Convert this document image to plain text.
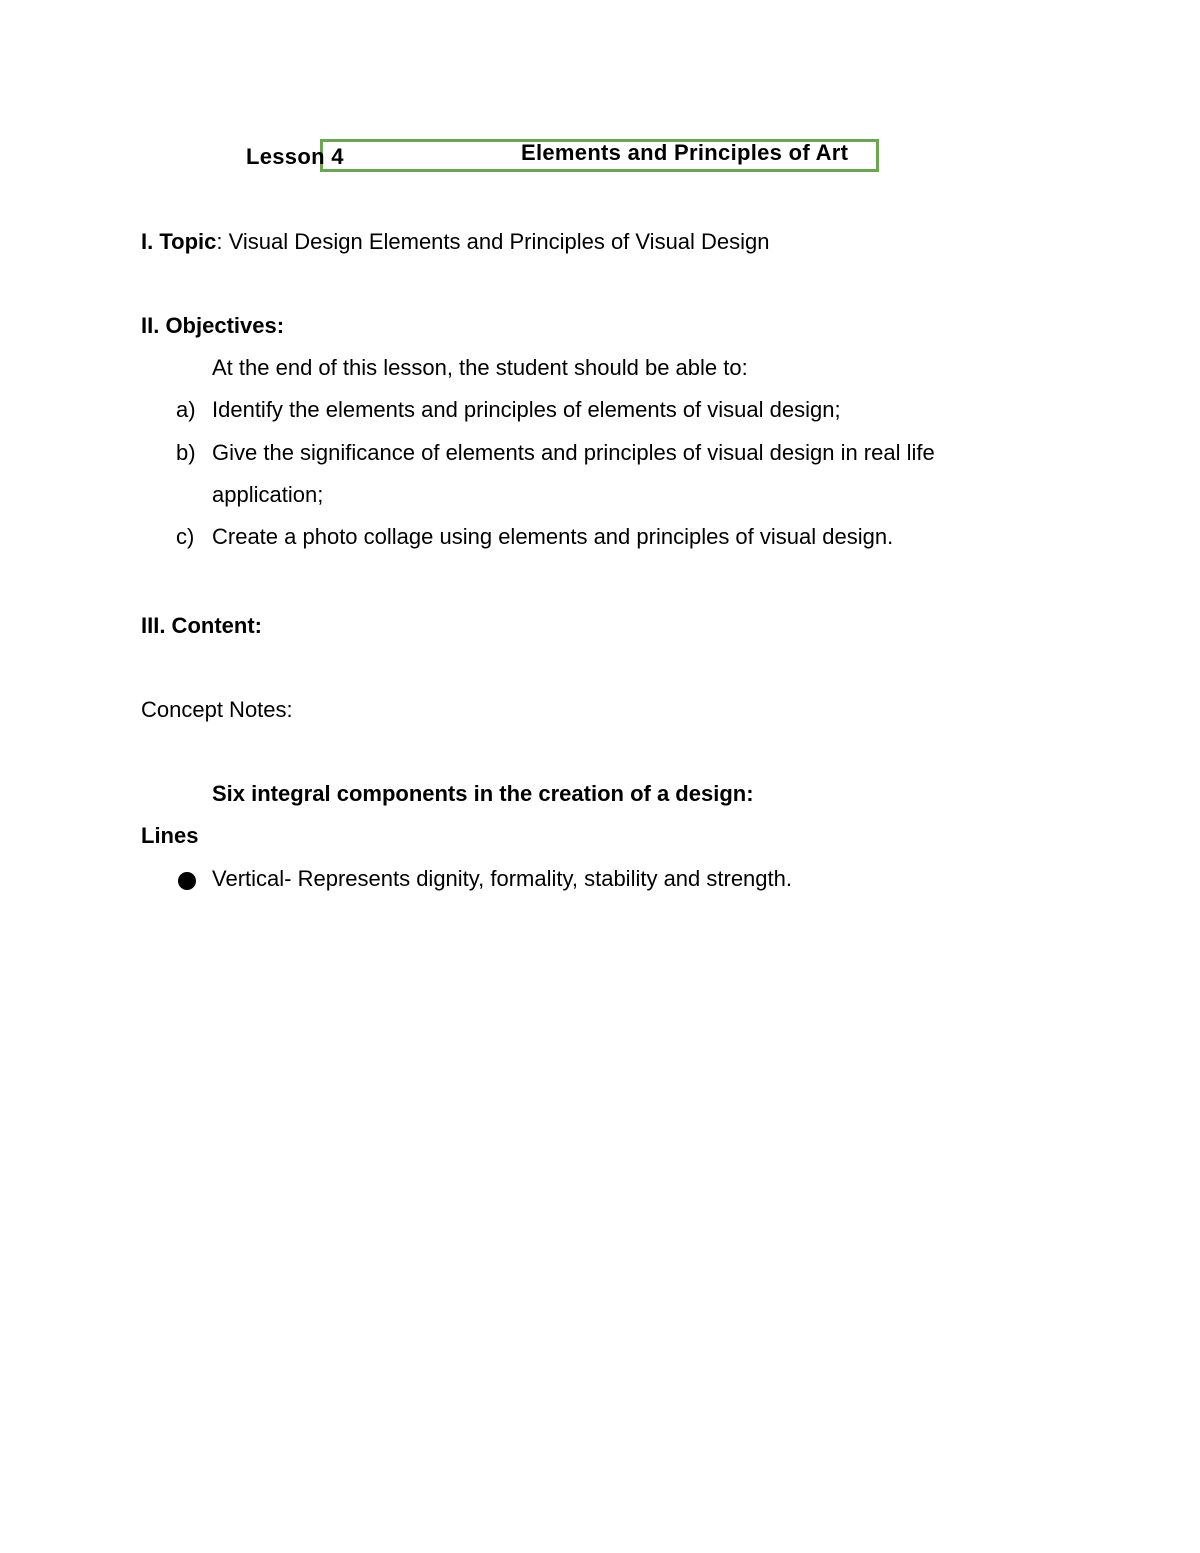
Lesson 4	Elements and Principles of Art
I. Topic: Visual Design Elements and Principles of Visual Design
II. Objectives:
At the end of this lesson, the student should be able to:
a) Identify the elements and principles of elements of visual design;
b) Give the significance of elements and principles of visual design in real life
application;
c) Create a photo collage using elements and principles of visual design.
III. Content:
Concept Notes:
Six integral components in the creation of a design:
Lines
Vertical- Represents dignity, formality, stability and strength.
